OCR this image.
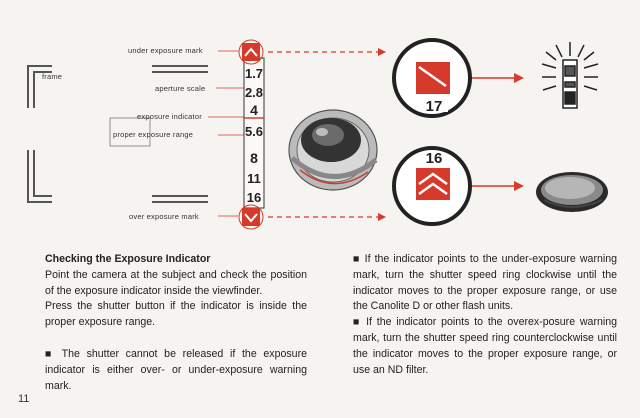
1.7
2.8
4
5.6
8
11
16
17
16
frame
under exposure mark
aperture scale
exposure indicator
proper exposure range
over exposure mark

Checking the Exposure Indicator

Point the camera at the subject and check the position of the exposure indicator inside the viewfinder.

Press the shutter button if the indicator is inside the proper exposure range.

■ The shutter cannot be released if the exposure indicator is either over- or under-exposure warning mark.

11

■ If the indicator points to the under-exposure warning mark, turn the shutter speed ring clockwise until the indicator moves to the proper exposure range, or use the Canolite D or other flash units.

■ If the indicator points to the overex-posure warning mark, turn the shutter speed ring counterclockwise until the indicator moves to the proper exposure range, or use an ND filter.
